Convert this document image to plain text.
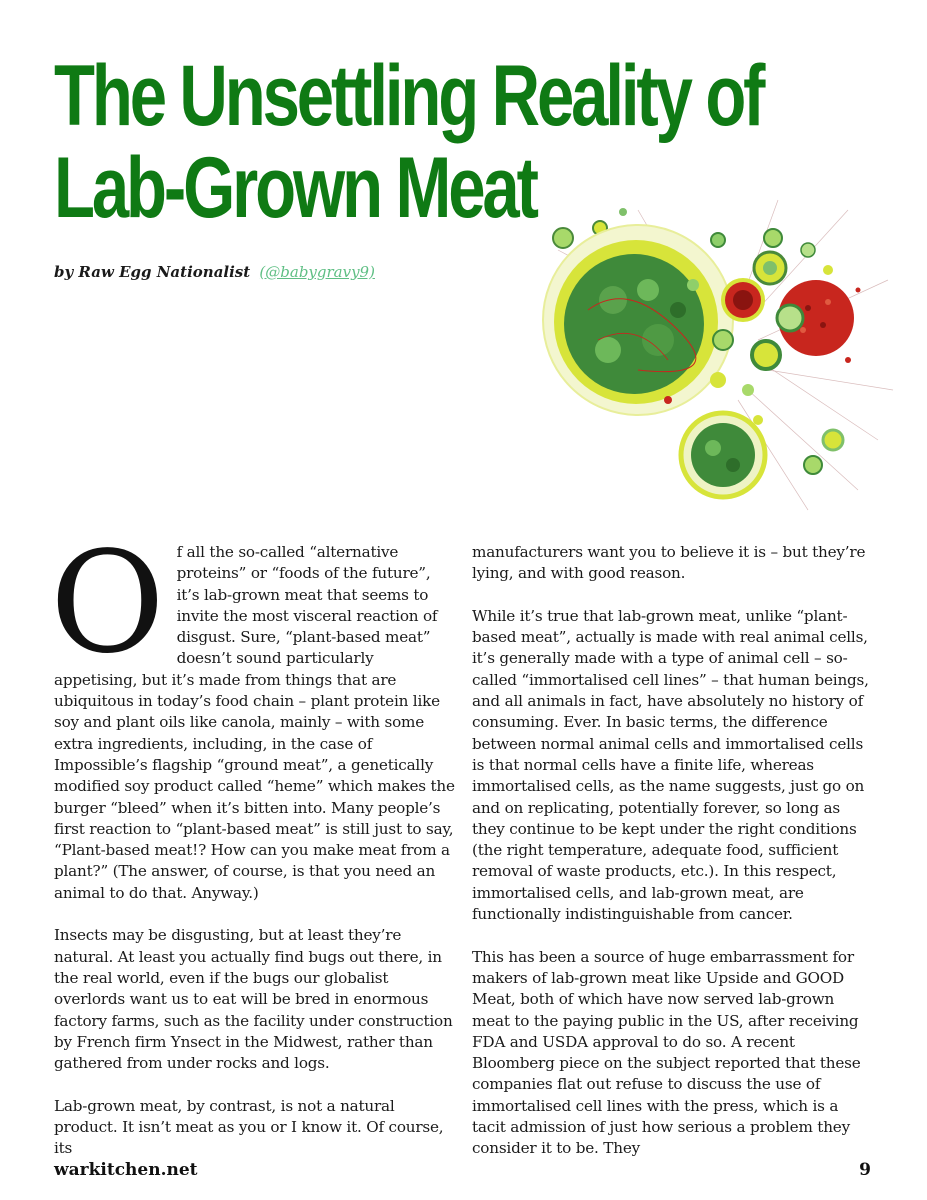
The Unsettling Reality of
Lab-Grown Meat
by Raw Egg Nationalist (@babygravy9)

Of all the so-called “alternative proteins” or “foods of the future”, it’s lab-grown meat that seems to invite the most visceral reaction of disgust. Sure, “plant-based meat” doesn’t sound particularly appetising, but it’s made from things that are ubiquitous in today’s food chain – plant protein like soy and plant oils like canola, mainly – with some extra ingredients, including, in the case of Impossible’s flagship “ground meat”, a genetically modified soy product called “heme” which makes the burger “bleed” when it’s bitten into. Many people’s first reaction to “plant-based meat” is still just to say, “Plant-based meat!? How can you make meat from a plant?” (The answer, of course, is that you need an animal to do that. Anyway.)

Insects may be disgusting, but at least they’re natural. At least you actually find bugs out there, in the real world, even if the bugs our globalist overlords want us to eat will be bred in enormous factory farms, such as the facility under construction by French firm Ynsect in the Midwest, rather than gathered from under rocks and logs.

Lab-grown meat, by contrast, is not a natural product. It isn’t meat as you or I know it. Of course, its

manufacturers want you to believe it is – but they’re lying, and with good reason.

While it’s true that lab-grown meat, unlike “plant-based meat”, actually is made with real animal cells, it’s generally made with a type of animal cell – so-called “immortalised cell lines” – that human beings, and all animals in fact, have absolutely no history of consuming. Ever. In basic terms, the difference between normal animal cells and immortalised cells is that normal cells have a finite life, whereas immortalised cells, as the name suggests, just go on and on replicating, potentially forever, so long as they continue to be kept under the right conditions (the right temperature, adequate food, sufficient removal of waste products, etc.). In this respect, immortalised cells, and lab-grown meat, are functionally indistinguishable from cancer.

This has been a source of huge embarrassment for makers of lab-grown meat like Upside and GOOD Meat, both of which have now served lab-grown meat to the paying public in the US, after receiving FDA and USDA approval to do so. A recent Bloomberg piece on the subject reported that these companies flat out refuse to discuss the use of immortalised cell lines with the press, which is a tacit admission of just how serious a problem they consider it to be. They

warkitchen.net	9
